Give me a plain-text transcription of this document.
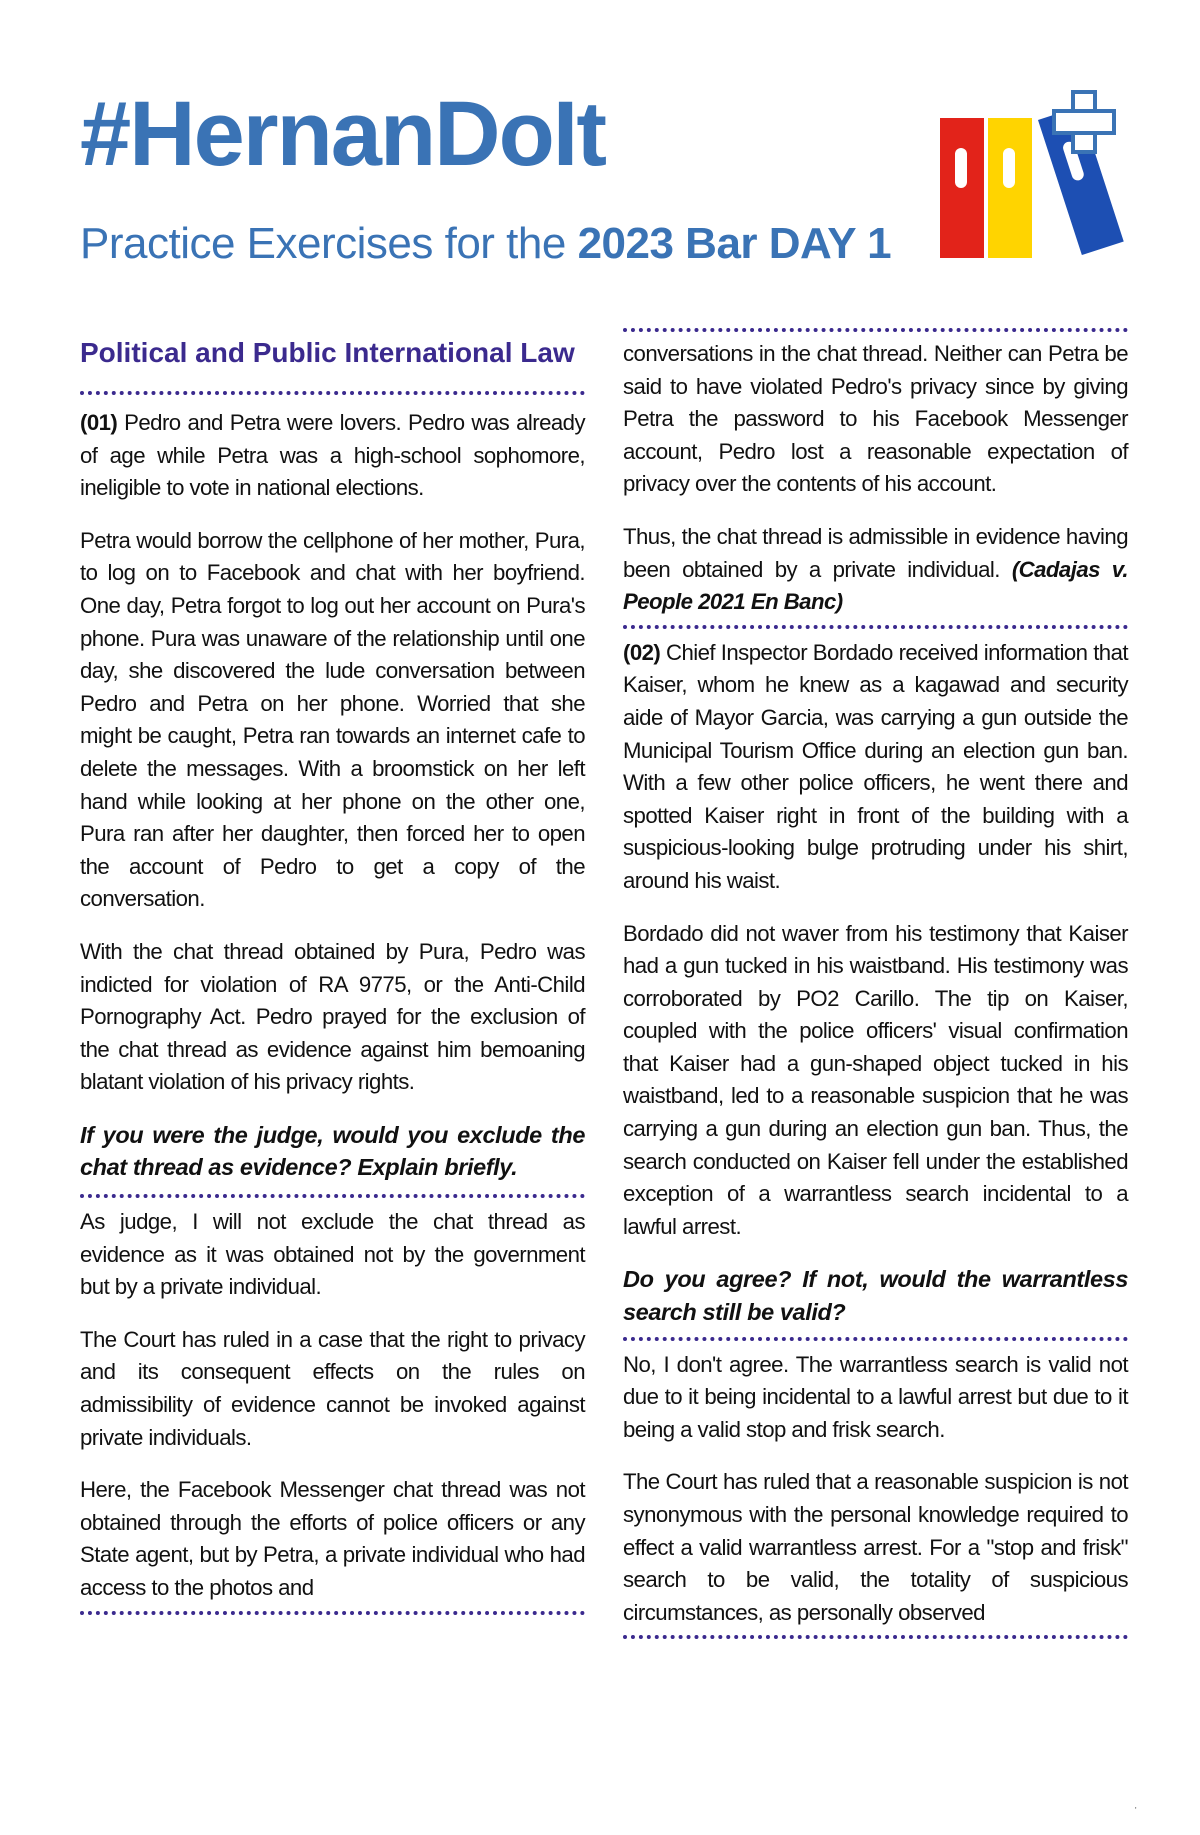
#HernanDoIt
Practice Exercises for the 2023 Bar DAY 1
Political and Public International Law

(01) Pedro and Petra were lovers. Pedro was already of age while Petra was a high-school sophomore, ineligible to vote in national elections.

Petra would borrow the cellphone of her mother, Pura, to log on to Facebook and chat with her boyfriend. One day, Petra forgot to log out her account on Pura's phone. Pura was unaware of the relationship until one day, she discovered the lude conversation between Pedro and Petra on her phone. Worried that she might be caught, Petra ran towards an internet cafe to delete the messages. With a broomstick on her left hand while looking at her phone on the other one, Pura ran after her daughter, then forced her to open the account of Pedro to get a copy of the conversation.

With the chat thread obtained by Pura, Pedro was indicted for violation of RA 9775, or the Anti-Child Pornography Act. Pedro prayed for the exclusion of the chat thread as evidence against him bemoaning blatant violation of his privacy rights.

If you were the judge, would you exclude the chat thread as evidence? Explain briefly.

As judge, I will not exclude the chat thread as evidence as it was obtained not by the government but by a private individual.

The Court has ruled in a case that the right to privacy and its consequent effects on the rules on admissibility of evidence cannot be invoked against private individuals.

Here, the Facebook Messenger chat thread was not obtained through the efforts of police officers or any State agent, but by Petra, a private individual who had access to the photos and

conversations in the chat thread. Neither can Petra be said to have violated Pedro's privacy since by giving Petra the password to his Facebook Messenger account, Pedro lost a reasonable expectation of privacy over the contents of his account.

Thus, the chat thread is admissible in evidence having been obtained by a private individual. (Cadajas v. People 2021 En Banc)

(02) Chief Inspector Bordado received information that Kaiser, whom he knew as a kagawad and security aide of Mayor Garcia, was carrying a gun outside the Municipal Tourism Office during an election gun ban. With a few other police officers, he went there and spotted Kaiser right in front of the building with a suspicious-looking bulge protruding under his shirt, around his waist.

Bordado did not waver from his testimony that Kaiser had a gun tucked in his waistband. His testimony was corroborated by PO2 Carillo. The tip on Kaiser, coupled with the police officers' visual confirmation that Kaiser had a gun-shaped object tucked in his waistband, led to a reasonable suspicion that he was carrying a gun during an election gun ban. Thus, the search conducted on Kaiser fell under the established exception of a warrantless search incidental to a lawful arrest.

Do you agree? If not, would the warrantless search still be valid?

No, I don't agree. The warrantless search is valid not due to it being incidental to a lawful arrest but due to it being a valid stop and frisk search.

The Court has ruled that a reasonable suspicion is not synonymous with the personal knowledge required to effect a valid warrantless arrest. For a "stop and frisk" search to be valid, the totality of suspicious circumstances, as personally observed

'
